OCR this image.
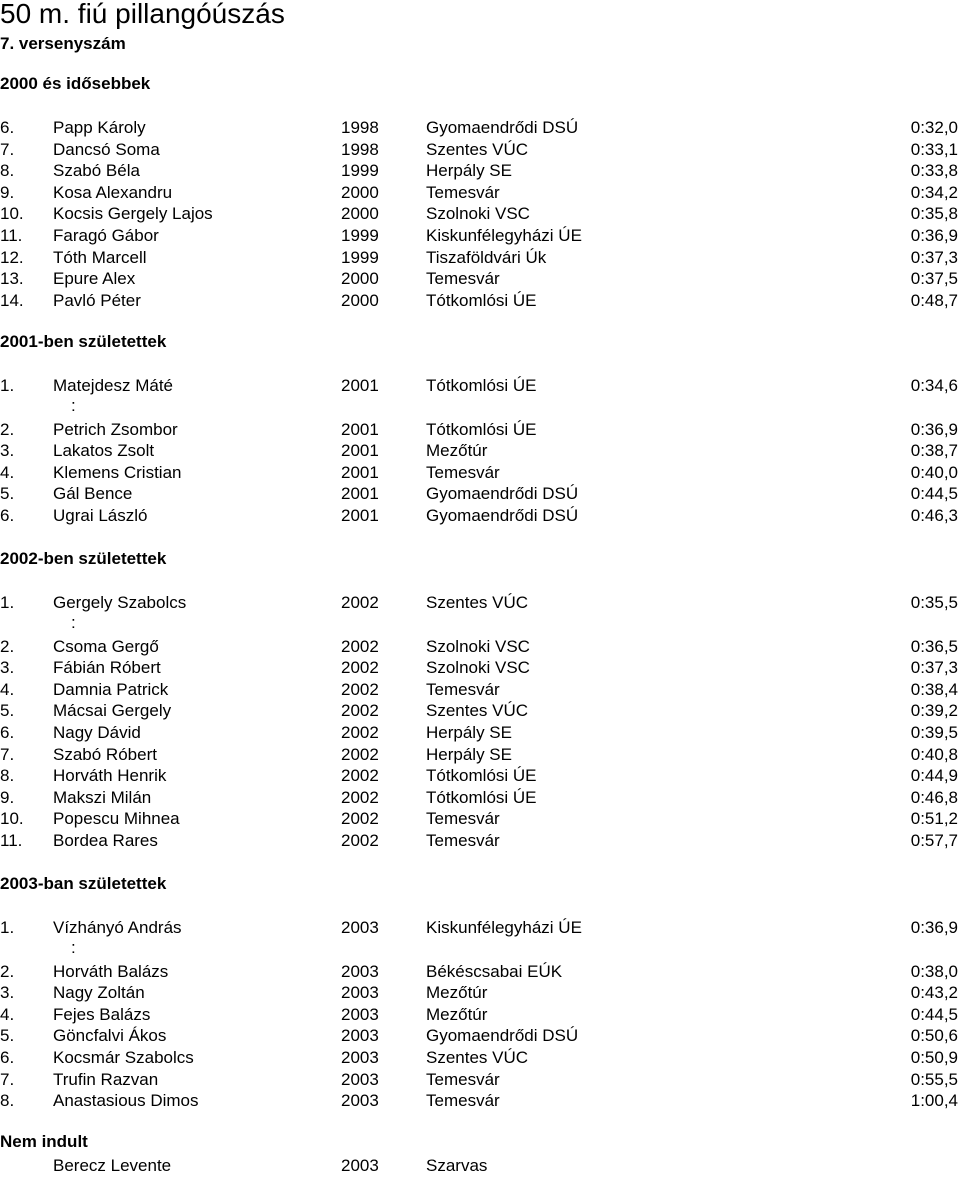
50 m. fiú pillangóúszás
7. versenyszám
2000 és idősebbek
6. Papp Károly	1998	Gyomaendrődi DSÚ	0:32,0
7. Dancsó Soma	1998	Szentes VÚC	0:33,1
8. Szabó Béla	1999	Herpály SE	0:33,8
9. Kosa Alexandru	2000	Temesvár	0:34,2
10. Kocsis Gergely Lajos	2000	Szolnoki VSC	0:35,8
11. Faragó Gábor	1999	Kiskunfélegyházi ÚE	0:36,9
12. Tóth Marcell	1999	Tiszaföldvári Úk	0:37,3
13. Epure Alex	2000	Temesvár	0:37,5
14. Pavló Péter	2000	Tótkomlósi ÚE	0:48,7
2001-ben születettek
1. Matejdesz Máté	2001	Tótkomlósi ÚE	0:34,6
:
2. Petrich Zsombor	2001	Tótkomlósi ÚE	0:36,9
3. Lakatos Zsolt	2001	Mezőtúr	0:38,7
4. Klemens Cristian	2001	Temesvár	0:40,0
5. Gál Bence	2001	Gyomaendrődi DSÚ	0:44,5
6. Ugrai László	2001	Gyomaendrődi DSÚ	0:46,3
2002-ben születettek
1. Gergely Szabolcs	2002	Szentes VÚC	0:35,5
:
2. Csoma Gergő	2002	Szolnoki VSC	0:36,5
3. Fábián Róbert	2002	Szolnoki VSC	0:37,3
4. Damnia Patrick	2002	Temesvár	0:38,4
5. Mácsai Gergely	2002	Szentes VÚC	0:39,2
6. Nagy Dávid	2002	Herpály SE	0:39,5
7. Szabó Róbert	2002	Herpály SE	0:40,8
8. Horváth Henrik	2002	Tótkomlósi ÚE	0:44,9
9. Makszi Milán	2002	Tótkomlósi ÚE	0:46,8
10. Popescu Mihnea	2002	Temesvár	0:51,2
11. Bordea Rares	2002	Temesvár	0:57,7
2003-ban születettek
1. Vízhányó András	2003	Kiskunfélegyházi ÚE	0:36,9
:
2. Horváth Balázs	2003	Békéscsabai EÚK	0:38,0
3. Nagy Zoltán	2003	Mezőtúr	0:43,2
4. Fejes Balázs	2003	Mezőtúr	0:44,5
5. Göncfalvi Ákos	2003	Gyomaendrődi DSÚ	0:50,6
6. Kocsmár Szabolcs	2003	Szentes VÚC	0:50,9
7. Trufin Razvan	2003	Temesvár	0:55,5
8. Anastasious Dimos	2003	Temesvár	1:00,4
Nem indult
Berecz Levente	2003	Szarvas
